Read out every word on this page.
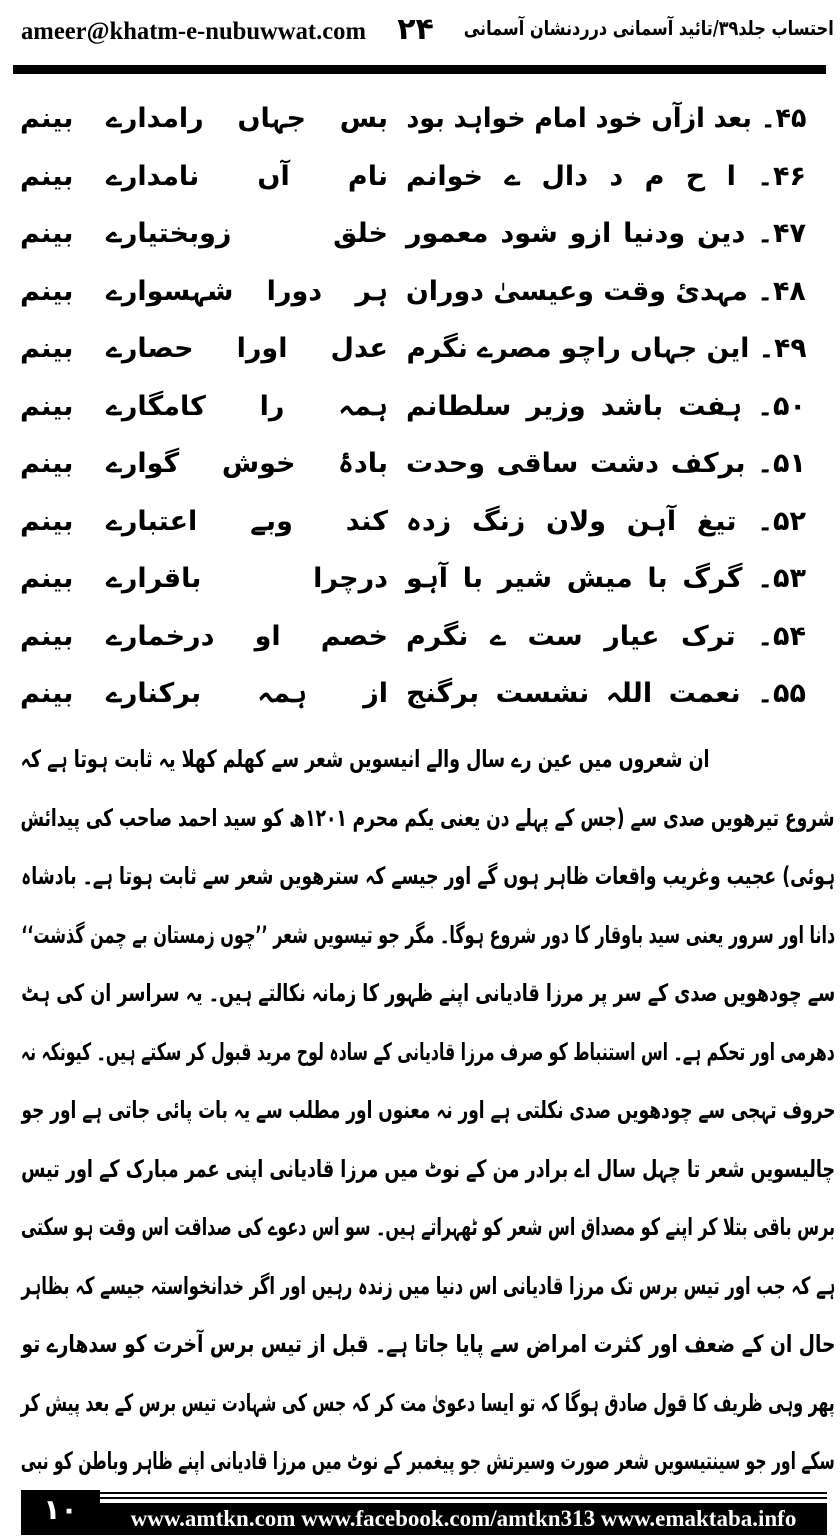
ameer@khatm-e-nubuwwat.com ۲۴ احتساب جلد۳۹/تائید آسمانی درردنشان آسمانی
۴۵۔ بعد ازآں خود امام خواہد بود
بس جہاں رامدارے
بینم
۴۶۔ ا ح م د دال ے خوانم
نام آں نامدارے
بینم
۴۷۔ دین ودنیا ازو شود معمور
خلق زوبختیارے
بینم
۴۸۔ مہدیٔ وقت وعیسیٰ دوران
ہر دورا شہسوارے
بینم
۴۹۔ این جہاں راچو مصرے نگرم
عدل اورا حصارے
بینم
۵۰۔ ہفت باشد وزیر سلطانم
ہمہ را کامگارے
بینم
۵۱۔ برکف دشت ساقی وحدت
بادۂ خوش گوارے
بینم
۵۲۔ تیغ آہن ولان زنگ زدہ
کند وبے اعتبارے
بینم
۵۳۔ گرگ با میش شیر با آہو
درچرا باقرارے
بینم
۵۴۔ ترک عیار ست ے نگرم
خصم او درخمارے
بینم
۵۵۔ نعمت اللہ نشست برگنج
از ہمہ برکنارے
بینم
ان شعروں میں عین رے سال والے انیسویں شعر سے کھلم کھلا یہ ثابت ہوتا ہے کہ
شروع تیرھویں صدی سے (جس کے پہلے دن یعنی یکم محرم ۱۲۰۱ھ کو سید احمد صاحب کی پیدائش
ہوئی) عجیب وغریب واقعات ظاہر ہوں گے اور جیسے کہ سترھویں شعر سے ثابت ہوتا ہے۔ بادشاہ
دانا اور سرور یعنی سید باوقار کا دور شروع ہوگا۔ مگر جو تیسویں شعر ’’چوں زمستان بے چمن گذشت‘‘
سے چودھویں صدی کے سر پر مرزا قادیانی اپنے ظہور کا زمانہ نکالتے ہیں۔ یہ سراسر ان کی ہٹ
دھرمی اور تحکم ہے۔ اس استنباط کو صرف مرزا قادیانی کے سادہ لوح مرید قبول کر سکتے ہیں۔ کیونکہ نہ
حروف تہجی سے چودھویں صدی نکلتی ہے اور نہ معنوں اور مطلب سے یہ بات پائی جاتی ہے اور جو
چالیسویں شعر تا چہل سال اے برادر من کے نوٹ میں مرزا قادیانی اپنی عمر مبارک کے اور تیس
برس باقی بتلا کر اپنے کو مصداق اس شعر کو ٹھہراتے ہیں۔ سو اس دعوے کی صداقت اس وقت ہو سکتی
ہے کہ جب اور تیس برس تک مرزا قادیانی اس دنیا میں زندہ رہیں اور اگر خدانخواستہ جیسے کہ بظاہر
حال ان کے ضعف اور کثرت امراض سے پایا جاتا ہے۔ قبل از تیس برس آخرت کو سدھارے تو
پھر وہی ظریف کا قول صادق ہوگا کہ تو ایسا دعویٰ مت کر کہ جس کی شہادت تیس برس کے بعد پیش کر
سکے اور جو سینتیسویں شعر صورت وسیرتش جو پیغمبر کے نوٹ میں مرزا قادیانی اپنے ظاہر وباطن کو نبی
۱۰	www.amtkn.com www.facebook.com/amtkn313 www.emaktaba.info
